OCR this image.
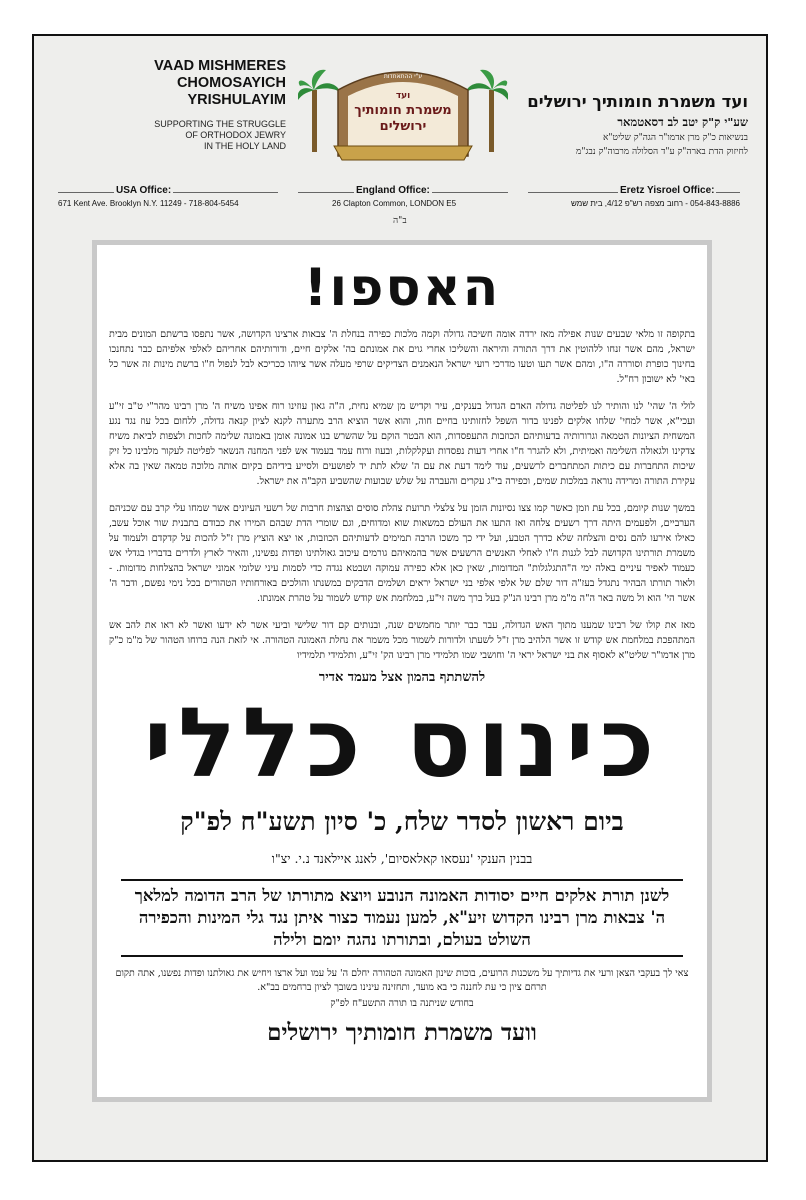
VAAD MISHMERES
CHOMOSAYICH YRISHULAYIM
SUPPORTING THE STRUGGLE
OF ORTHODOX JEWRY
IN THE HOLY LAND
ע"י ההתאחדות
ועד
משמרת חומותיך
ירושלים
ועד משמרת חומותיך ירושלים
שע"י ק"ק יטב לב דסאטמאר
בנשיאות כ"ק מרן אדמו"ר הגה"ק שליט"א
לחיזוק הדת בארה"ק ע"ד הסלולה מרבוה"ק נבג"מ
USA Office:
671 Kent Ave. Brooklyn N.Y. 11249 - 718-804-5454
England Office:
26 Clapton Common, LONDON E5
Eretz Yisroel Office:
054-843-8886 - רחוב מצפה רש"פ 4/12, בית שמש
ב"ה
האספו!
בתקופה זו מלאי שבעים שנות אפילה מאז ירדה אומה חשיכה גדולה וקמה מלכות כפירה בנחלת ה' צבאות ארצינו הקדושה, אשר נתפסו ברשתם המונים מבית ישראל, מהם אשר זנחו ללהוטין את דרך התורה והיראה והשליכו אחרי גוים את אמונתם בה' אלקים חיים, ודורותיהם אחריהם לאלפי אלפיהם כבר נתחנכו בחינוך כופרת וסוררה ה"ו, ומהם אשר תעו וטעו מדרכי רועי ישראל הנאמנים הצדיקים שרפי מעלה אשר ציוהו ככריכא לבל לנפול ח"ו ברשת מינות זה אשר כל באי' לא ישובון רח"ל.
לולי ה' שהי' לנו והותיר לנו לפליטה גדולה האדם הגדול בענקים, עיר וקדיש מן שמיא נחית, ה"ה גאון עוזינו רוח אפינו משיח ה' מרן רבינו מהר"י ט"ב זי"ע ועכי"א, אשר למחי' שלחו אלקים לפנינו בדור השפל לחזותינו בחיים חוה, והוא אשר הוציא הרב מתערה לקנא לציון קנאה גדולה, ללחום בכל עוז נגד נגע המשחית הציונות הטמאה וגרורותיה בדעותיהם הכוזבות התעפסדות, הוא הבטר הוקם על שהשרש בנו אמונה אומן באמונה שלימה לחכות ולצפות לביאת משיח צדקינו ולגאולה השלימה ואמיתית, ולא להגרר ח"ו אחרי דעות נפסדות ועקלקלות, ובעוז ורוח עמד בעמוד אש לפני המחנה הנשאר לפליטה לעקור מלבינו כל זיק שיכות התחברות עם כיתות המתחברים לרשעים, עוד לימד דעת את עם ה' שלא לתת יד לפושעים ולסייע בידיהם בקיום אותה מלוכה טמאה שאין בה אלא עקירת התורה ומרידה נוראה במלכות שמים, וכפירה בי"ג עקרים והעברה על שלש שבועות שהשביע הקב"ה את ישראל.
במשך שנות קיומם, בכל עת וזמן כאשר קמו צצו נסיונות הזמן על צלצלי תרועת צהלת סוסים וצהצות חרבות של רשעי העיונים אשר שמחו עלי קרב עם שכניהם הערביים, ולפעמים היתה דרך רשעים צלחה ואז התעו את העולם במשאות שוא ומדוחים, וגם שומרי הדת שבהם המירו את כבודם בתבנית שור אוכל עשב, כאילו אירעו להם נסים והצלחה שלא כדרך הטבע, ועל ידי כך משכו הרבה תמימים לדעותיהם הכוזבות, או יצא הוציץ מרן ז"ל להכות על קדקדם ולעמוד על משמרת תורתינו הקדושה לבל לגנות ח"ו לאחלי האנשים הרשעים אשר בהמאיהם גורמים עיכוב גאולתינו ופדות נפשינו, והאיר לארץ ולדרים בדבריו בגדלי אש כעמוד לאפיר עיניים באלה ימי ה"התגלגלות" המדומות, שאין כאן אלא כפירה עמוקה ושבטא נגדה כדי לסמות עיני שלומי אמוני ישראל בהצלחות מדומות. - ולאור תורתו הבהיר נתגדל בעז"ה דור שלם של אלפי אלפי בני ישראל יראים ושלמים הדבקים במשנתו והולכים באורחותיו הטהורים בכל נימי נפשם, ודבר ה' אשר הי' הוא ול משה באר ה"ה מ"מ מרן רבינו הנ"ק בעל ברך משה זי"ע, במלחמת אש קודש לשמור על טהרת אמונתו.
מאז את קולו של רבינו שמענו מתוך האש הגדולה, עבר כבר יותר מחמשים שנה, ובנותים קם דור שלישי וביעי אשר לא ידעו ואשר לא ראו את להב אש המתהפכת במלחמת אש קודש זו אשר הלהיב מרן ז"ל לשעתו ולדורות לשמור מכל משמר את נחלת האמונה הטהורה. אי לזאת הנה ברוחו הטהור של מ"מ כ"ק מרן אדמו"ר שליט"א לאסוף את בני ישראל יראי ה' וחושבי שמו תלמידי מרן רבינו הק' זי"ע, ותלמידי תלמידיו
להשתתף בהמון אצל מעמד אדיר
כינוס כללי
ביום ראשון לסדר שלח, כ' סיון תשע"ח לפ"ק
בבנין הענקי 'נעסאו קאלאסיום', לאנג איילאנד נ.י. יצ"ו
לשנן תורת אלקים חיים יסודות האמונה הנובע ויוצא מתורתו של הרב הדומה למלאך ה' צבאות מרן רבינו הקדוש זיע"א, למען נעמוד כצור איתן נגד גלי המינות והכפירה השולט בעולם, ובתורתו נהגה יומם ולילה
צאי לך בעקבי הצאן ורעי את גדיותיך על משכנות הרועים, בוכות שינון האמונה הטהורה יחלם ה' על עמו ועל ארצו ויחיש את גאולתנו ופדות נפשנו, אתה תקום תרחם ציון כי עת לחננה כי בא מועד, ותחזינה עינינו בשובך לציון ברחמים בב"א.
בחודש שניתנה בו תורה התשע"ח לפ"ק
וועד משמרת חומותיך ירושלים
